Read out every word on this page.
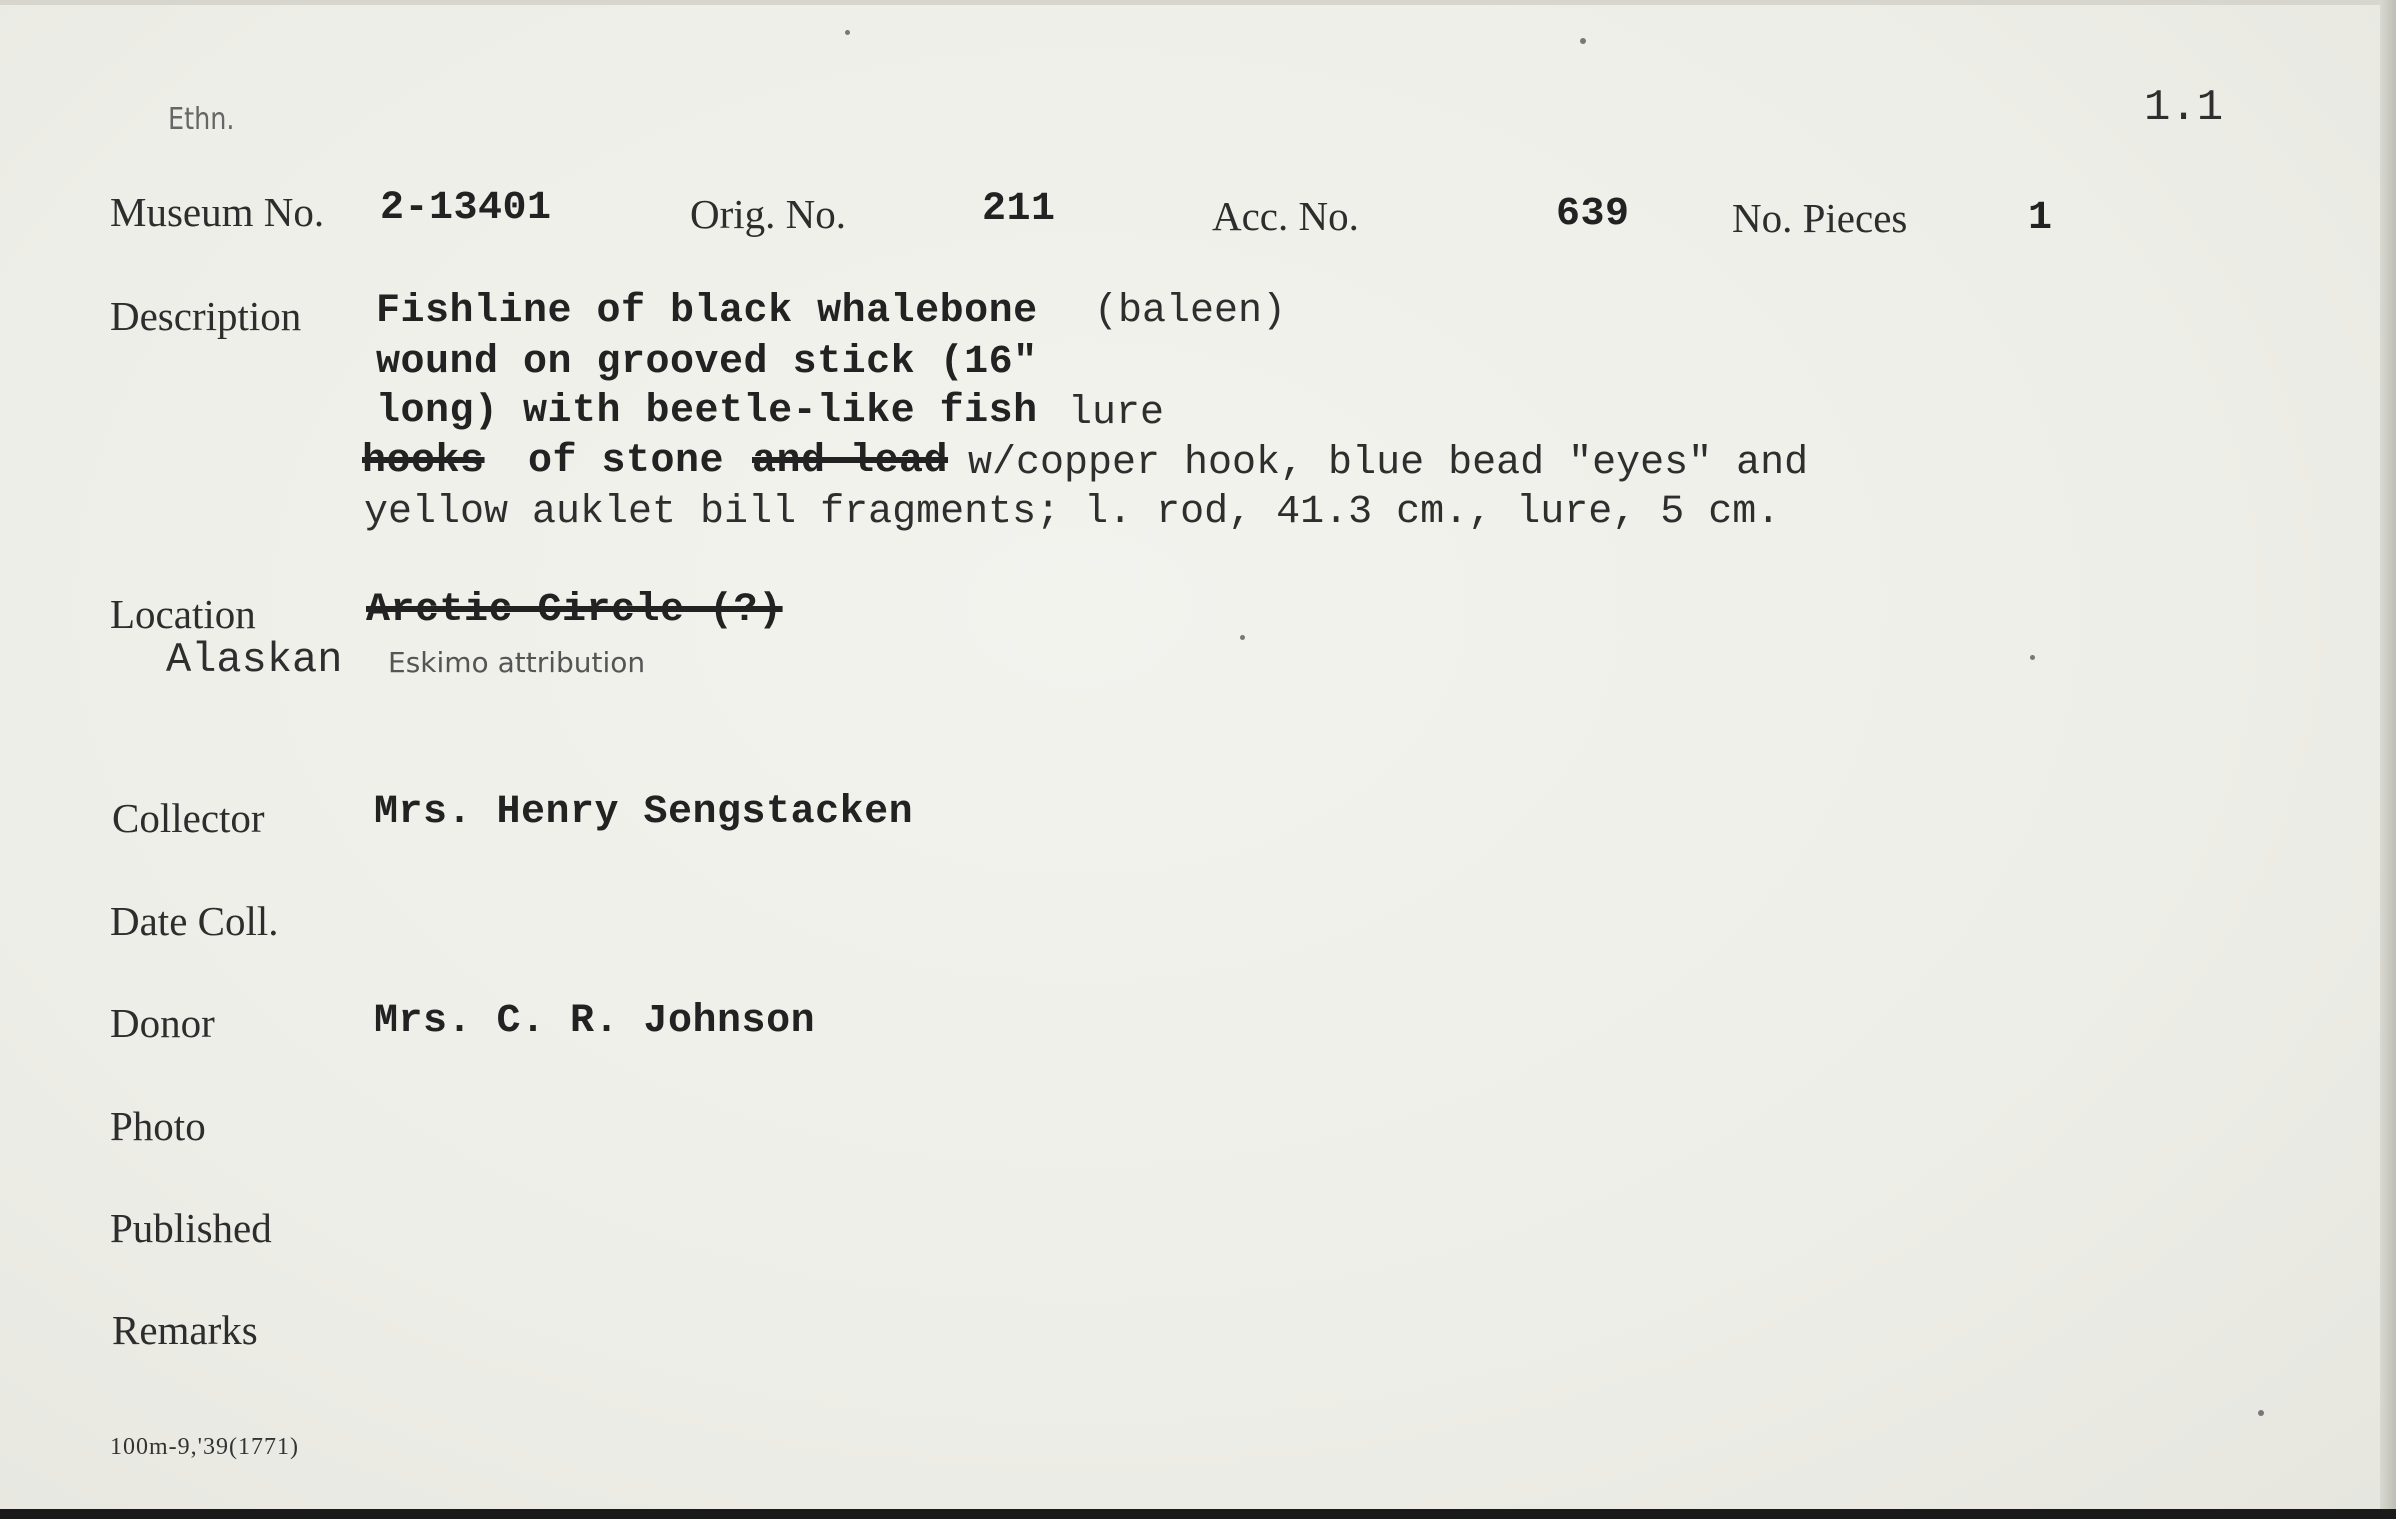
Ethn.	1.1
Museum No. 2-13401	Orig. No.	211	Acc. No.	639 No. Pieces	1
Description Fishline of black whalebone (baleen)
wound on grooved stick (16"
long) with beetle-like fish lure
hooks of stone and lead w/copper hook, blue bead "eyes" and
yellow auklet bill fragments; l. rod, 41.3 cm., lure, 5 cm.
Location	Arctic Circle (?)
Alaskan Eskimo attribution
Collector	Mrs. Henry Sengstacken
Date Coll.
Donor	Mrs. C. R. Johnson
Photo
Published
Remarks
100m-9,'39(1771)
